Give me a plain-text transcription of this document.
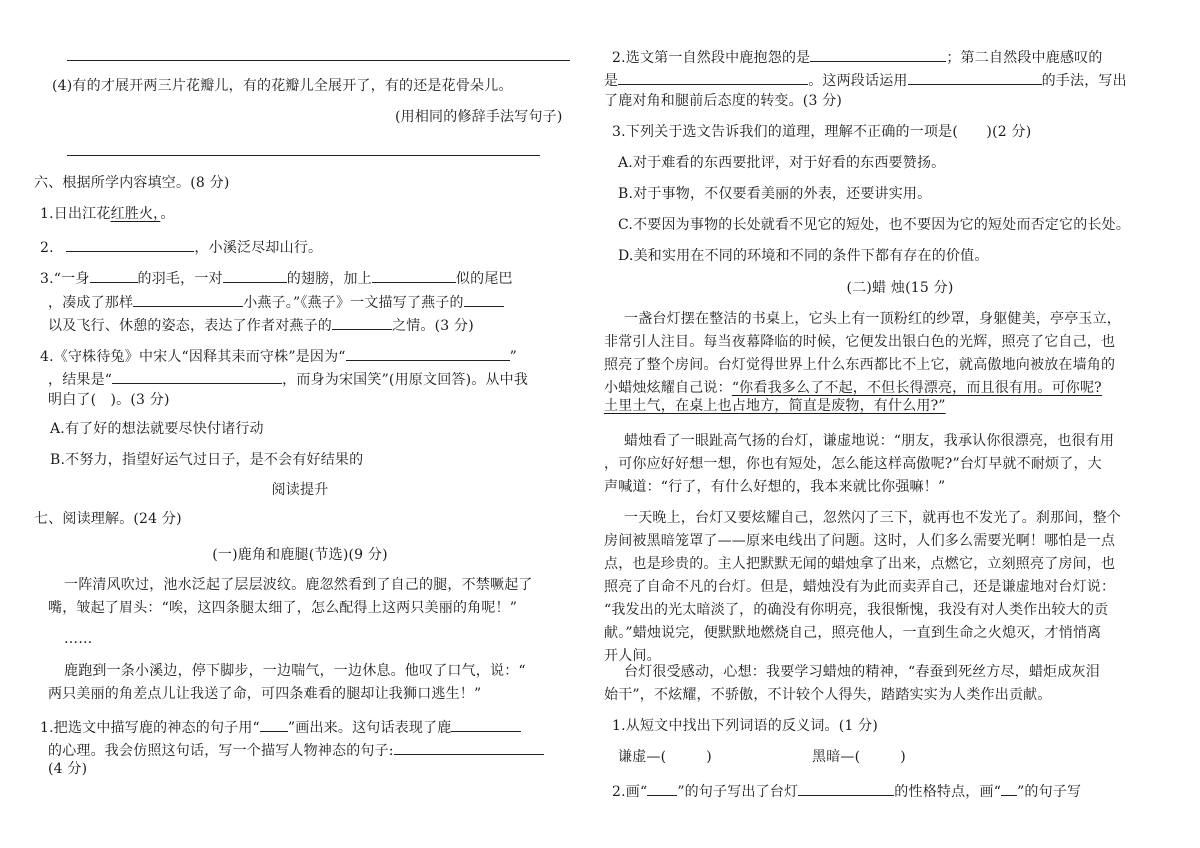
(4)有的才展开两三片花瓣儿，有的花瓣儿全展开了，有的还是花骨朵儿。
(用相同的修辞手法写句子)
六、根据所学内容填空。(8 分)
1.日出江花红胜火，。
2.	，小溪泛尽却山行。
3.“一身	的羽毛，一对	的翅膀，加上	似的尾巴
，凑成了那样	小燕子。”《燕子》一文描写了燕子的
以及飞行、休憩的姿态，表达了作者对燕子的	之情。(3 分)
4.《守株待兔》中宋人“因释其耒而守株”是因为“	”
，结果是“	，而身为宋国笑”(用原文回答)。从中我
明白了(　)。(3 分)
A.有了好的想法就要尽快付诸行动
B.不努力，指望好运气过日子，是不会有好结果的
阅读提升
七、阅读理解。(24 分)
(一)鹿角和鹿腿(节选)(9 分)
一阵清风吹过，池水泛起了层层波纹。鹿忽然看到了自己的腿，不禁噘起了
嘴，皱起了眉头：“唉，这四条腿太细了，怎么配得上这两只美丽的角呢！”
……
鹿跑到一条小溪边，停下脚步，一边喘气，一边休息。他叹了口气，说：“
两只美丽的角差点儿让我送了命，可四条难看的腿却让我狮口逃生！”
1.把选文中描写鹿的神态的句子用“ ”画出来。这句话表现了鹿
的心理。我会仿照这句话，写一个描写人物神态的句子:
(4 分)
2.选文第一自然段中鹿抱怨的是	；第二自然段中鹿感叹的
是	。这两段话运用	的手法，写出
了鹿对角和腿前后态度的转变。(3 分)
3.下列关于选文告诉我们的道理，理解不正确的一项是(　　)(2 分)
A.对于难看的东西要批评，对于好看的东西要赞扬。
B.对于事物，不仅要看美丽的外表，还要讲实用。
C.不要因为事物的长处就看不见它的短处，也不要因为它的短处而否定它的长处。
D.美和实用在不同的环境和不同的条件下都有存在的价值。
(二)蜡 烛(15 分)
一盏台灯摆在整洁的书桌上，它头上有一顶粉红的纱罩，身躯健美，亭亭玉立，
非常引人注目。每当夜幕降临的时候，它便发出银白色的光辉，照亮了它自己，也
照亮了整个房间。台灯觉得世界上什么东西都比不上它，就高傲地向被放在墙角的
小蜡烛炫耀自己说：“你看我多么了不起，不但长得漂亮，而且很有用。可你呢?
土里土气，在桌上也占地方，简直是废物，有什么用?”
蜡烛看了一眼趾高气扬的台灯，谦虚地说：“朋友，我承认你很漂亮，也很有用
，可你应好好想一想，你也有短处，怎么能这样高傲呢?”台灯早就不耐烦了，大
声喊道：“行了，有什么好想的，我本来就比你强嘛！”
一天晚上，台灯又要炫耀自己，忽然闪了三下，就再也不发光了。刹那间，整个
房间被黑暗笼罩了——原来电线出了问题。这时，人们多么需要光啊！哪怕是一点
点，也是珍贵的。主人把默默无闻的蜡烛拿了出来，点燃它，立刻照亮了房间，也
照亮了自命不凡的台灯。但是，蜡烛没有为此而卖弄自己，还是谦虚地对台灯说：
“我发出的光太暗淡了，的确没有你明亮，我很惭愧，我没有对人类作出较大的贡
献。”蜡烛说完，便默默地燃烧自己，照亮他人，一直到生命之火熄灭，才悄悄离
开人间。
台灯很受感动，心想：我要学习蜡烛的精神，“春蚕到死丝方尽，蜡炬成灰泪
始干”，不炫耀，不骄傲，不计较个人得失，踏踏实实为人类作出贡献。
1.从短文中找出下列词语的反义词。(1 分)
谦虚—(	)	黑暗—(	)
2.画“ ”的句子写出了台灯	的性格特点，画“ ”的句子写
